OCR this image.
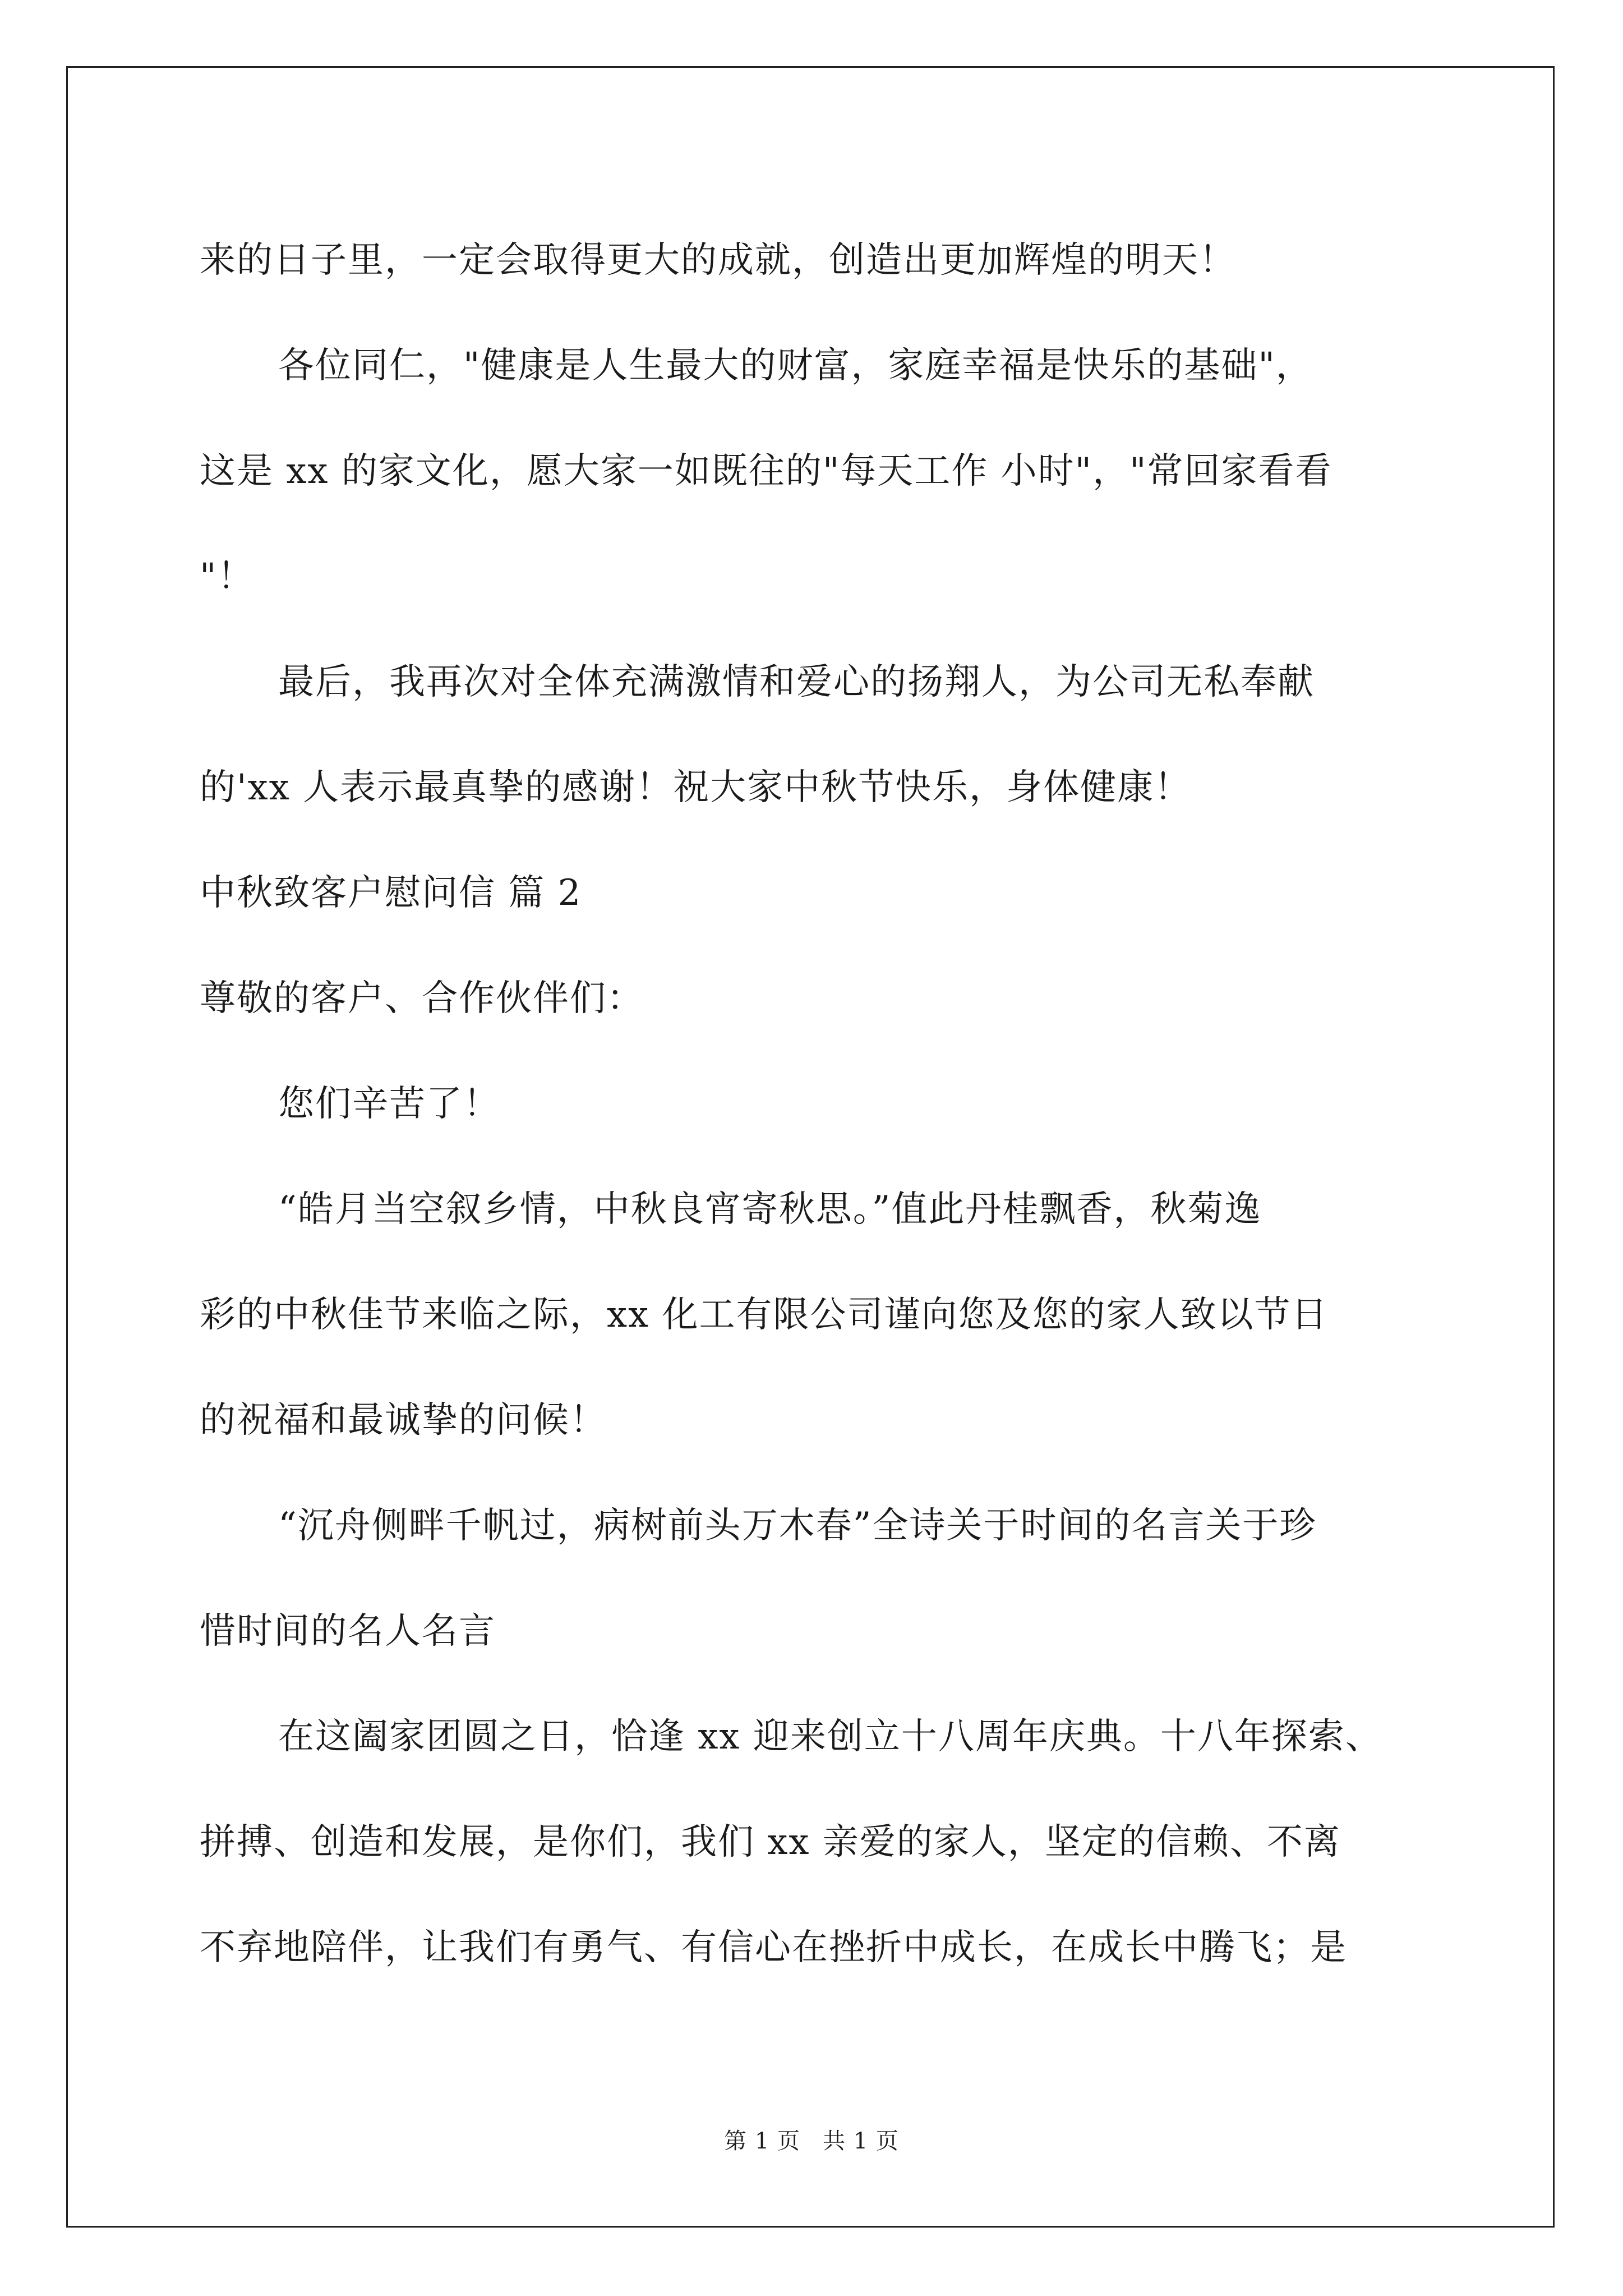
来的日子里，一定会取得更大的成就，创造出更加辉煌的明天！
各位同仁，"健康是人生最大的财富，家庭幸福是快乐的基础"，
这是 xx 的家文化，愿大家一如既往的"每天工作 小时"，"常回家看看
"！
最后，我再次对全体充满激情和爱心的扬翔人，为公司无私奉献
的'xx 人表示最真挚的感谢！祝大家中秋节快乐，身体健康！
中秋致客户慰问信 篇 2
尊敬的客户、合作伙伴们：
您们辛苦了！
“皓月当空叙乡情，中秋良宵寄秋思。”值此丹桂飘香，秋菊逸
彩的中秋佳节来临之际，xx 化工有限公司谨向您及您的家人致以节日
的祝福和最诚挚的问候！
“沉舟侧畔千帆过，病树前头万木春”全诗关于时间的名言关于珍
惜时间的名人名言
在这阖家团圆之日，恰逢 xx 迎来创立十八周年庆典。十八年探索、
拼搏、创造和发展，是你们，我们 xx 亲爱的家人，坚定的信赖、不离
不弃地陪伴，让我们有勇气、有信心在挫折中成长，在成长中腾飞；是
第 1 页 共 1 页
